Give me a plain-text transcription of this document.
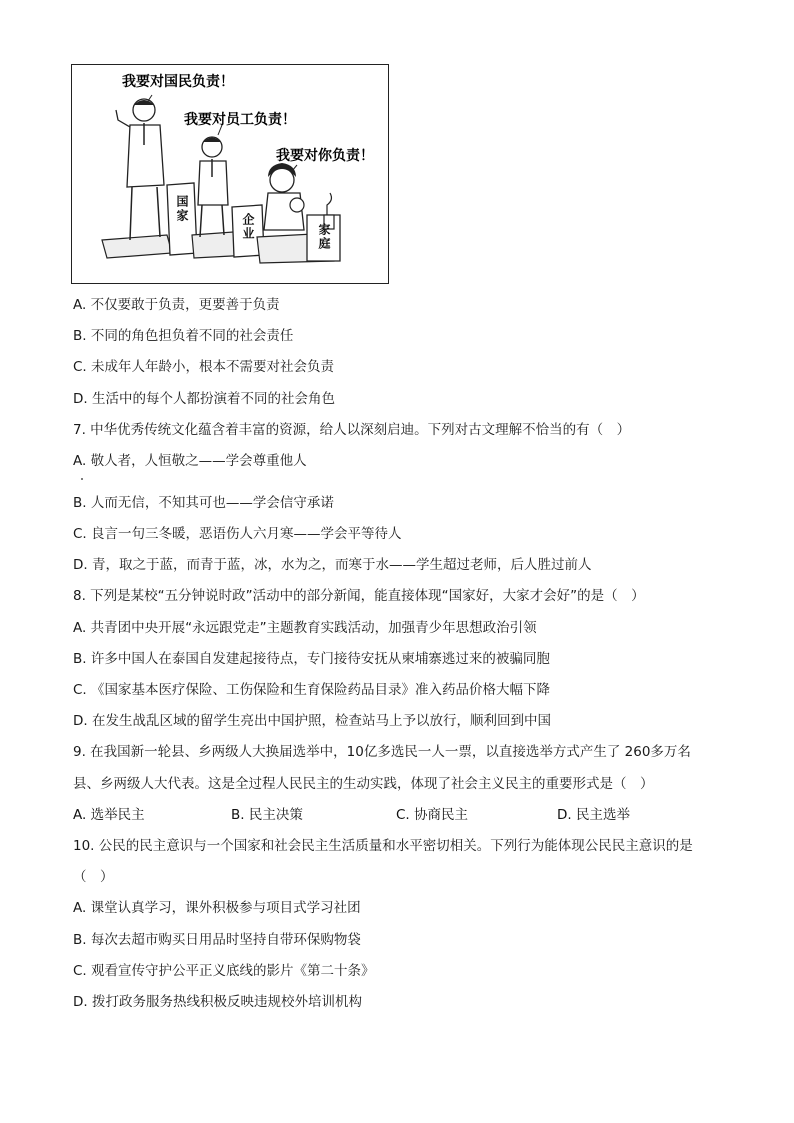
我要对国民负责！
我要对员工负责！
我要对你负责！
国家
企业	家庭
A. 不仅要敢于负责，更要善于负责
B. 不同的角色担负着不同的社会责任
C. 未成年人年龄小，根本不需要对社会负责
D. 生活中的每个人都扮演着不同的社会角色
7. 中华优秀传统文化蕴含着丰富的资源，给人以深刻启迪。下列对古文理解不恰当的有（　）
A. 敬人者，人恒敬之——学会尊重他人
B. 人而无信，不知其可也——学会信守承诺
C. 良言一句三冬暖，恶语伤人六月寒——学会平等待人
D. 青，取之于蓝，而青于蓝，冰，水为之，而寒于水——学生超过老师，后人胜过前人
8. 下列是某校“五分钟说时政”活动中的部分新闻，能直接体现“国家好，大家才会好”的是（　）
A. 共青团中央开展“永远跟党走”主题教育实践活动，加强青少年思想政治引领
B. 许多中国人在泰国自发建起接待点，专门接待安抚从柬埔寨逃过来的被骗同胞
C. 《国家基本医疗保险、工伤保险和生育保险药品目录》准入药品价格大幅下降
D. 在发生战乱区域的留学生亮出中国护照，检查站马上予以放行，顺利回到中国
9. 在我国新一轮县、乡两级人大换届选举中，10亿多选民一人一票，以直接选举方式产生了 260多万名
县、乡两级人大代表。这是全过程人民民主的生动实践，体现了社会主义民主的重要形式是（　）
A. 选举民主	B. 民主决策	C. 协商民主	D. 民主选举
10. 公民的民主意识与一个国家和社会民主生活质量和水平密切相关。下列行为能体现公民民主意识的是
（　）
A. 课堂认真学习，课外积极参与项目式学习社团
B. 每次去超市购买日用品时坚持自带环保购物袋
C. 观看宣传守护公平正义底线的影片《第二十条》
D. 拨打政务服务热线积极反映违规校外培训机构
